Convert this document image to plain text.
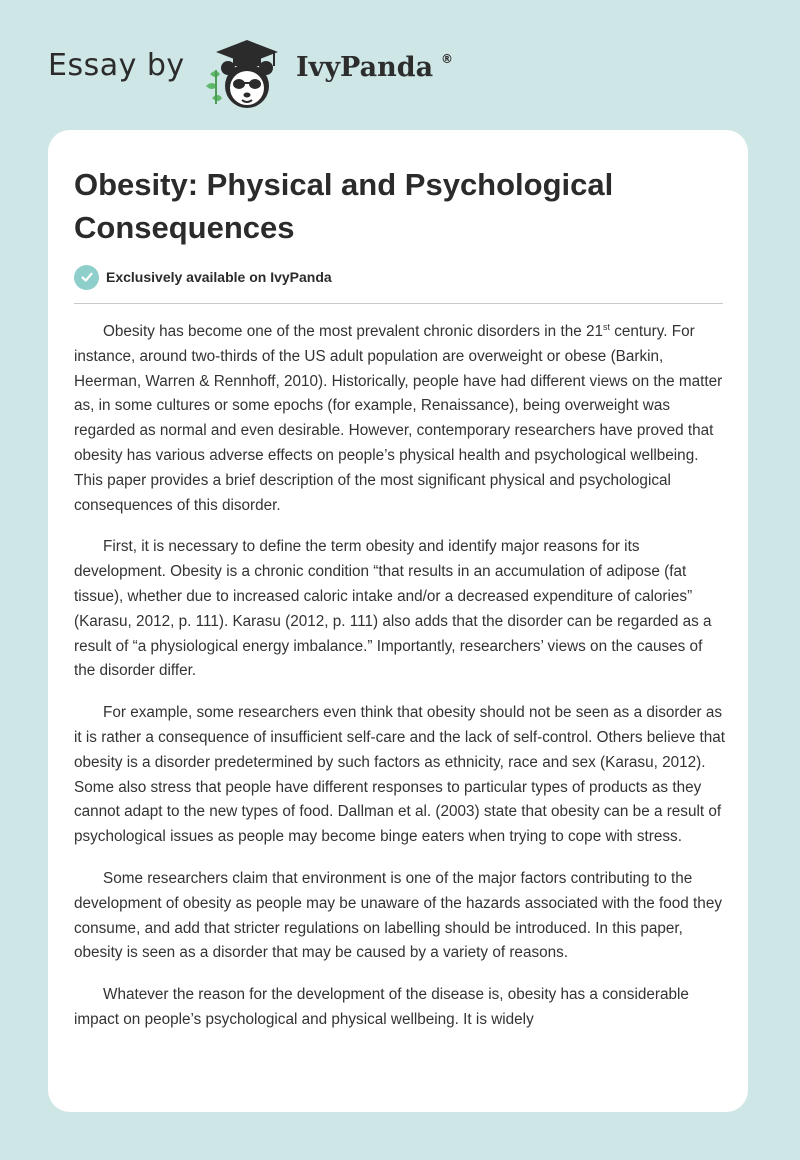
Essay by	IvyPanda ®
Obesity: Physical and Psychological Consequences
Exclusively available on IvyPanda

Obesity has become one of the most prevalent chronic disorders in the 21st century. For instance, around two-thirds of the US adult population are overweight or obese (Barkin, Heerman, Warren & Rennhoff, 2010). Historically, people have had different views on the matter as, in some cultures or some epochs (for example, Renaissance), being overweight was regarded as normal and even desirable. However, contemporary researchers have proved that obesity has various adverse effects on people’s physical health and psychological wellbeing. This paper provides a brief description of the most significant physical and psychological consequences of this disorder.

First, it is necessary to define the term obesity and identify major reasons for its development. Obesity is a chronic condition “that results in an accumulation of adipose (fat tissue), whether due to increased caloric intake and/or a decreased expenditure of calories” (Karasu, 2012, p. 111). Karasu (2012, p. 111) also adds that the disorder can be regarded as a result of “a physiological energy imbalance.” Importantly, researchers’ views on the causes of the disorder differ.

For example, some researchers even think that obesity should not be seen as a disorder as it is rather a consequence of insufficient self-care and the lack of self-control. Others believe that obesity is a disorder predetermined by such factors as ethnicity, race and sex (Karasu, 2012). Some also stress that people have different responses to particular types of products as they cannot adapt to the new types of food. Dallman et al. (2003) state that obesity can be a result of psychological issues as people may become binge eaters when trying to cope with stress.

Some researchers claim that environment is one of the major factors contributing to the development of obesity as people may be unaware of the hazards associated with the food they consume, and add that stricter regulations on labelling should be introduced. In this paper, obesity is seen as a disorder that may be caused by a variety of reasons.

Whatever the reason for the development of the disease is, obesity has a considerable impact on people’s psychological and physical wellbeing. It is widely
